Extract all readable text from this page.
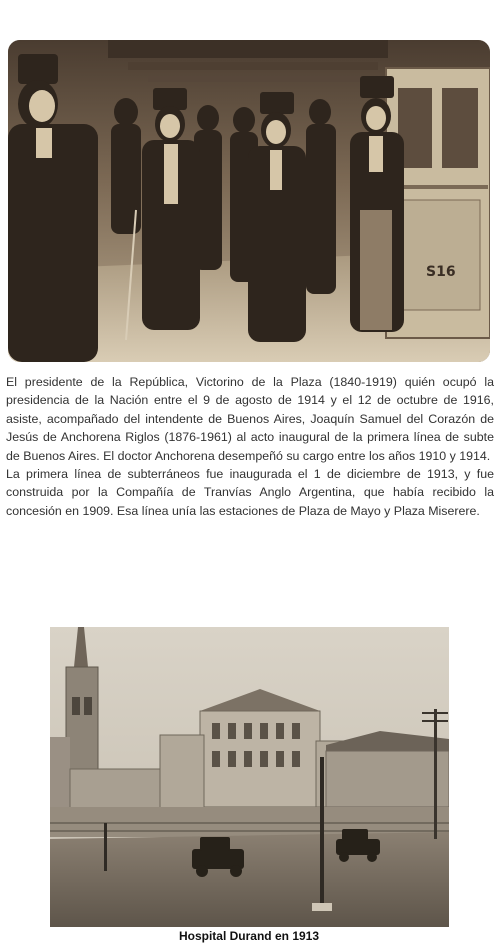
S16

El presidente de la República, Victorino de la Plaza (1840-1919) quién ocupó la presidencia de la Nación entre el 9 de agosto de 1914 y el 12 de octubre de 1916, asiste, acompañado del intendente de Buenos Aires, Joaquín Samuel del Corazón de Jesús de Anchorena Riglos (1876-1961) al acto inaugural de la primera línea de subte de Buenos Aires. El doctor Anchorena desempeñó su cargo entre los años 1910 y 1914.

La primera línea de subterráneos fue inaugurada el 1 de diciembre de 1913, y fue construida por la Compañía de Tranvías Anglo Argentina, que había recibido la concesión en 1909. Esa línea unía las estaciones de Plaza de Mayo y Plaza Miserere.

Hospital Durand en 1913
